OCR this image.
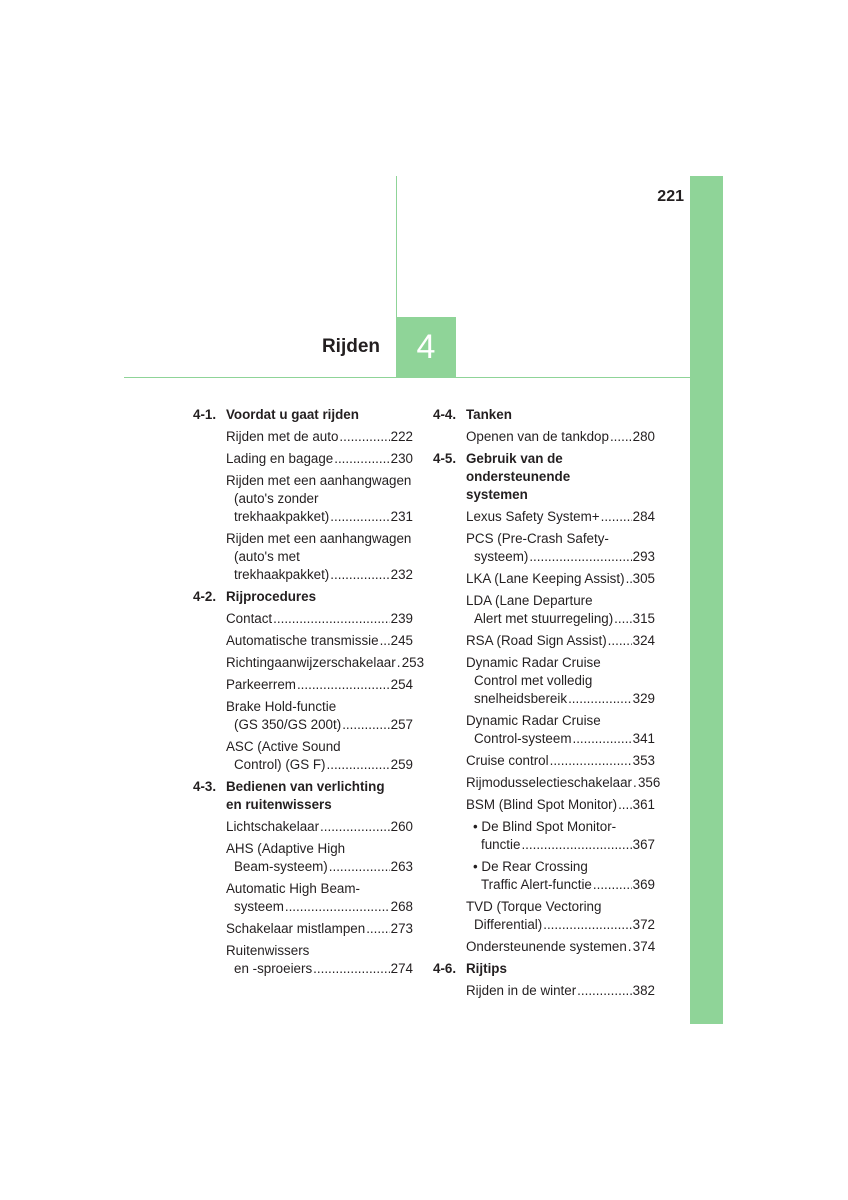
221
Rijden 4
4-1. Voordat u gaat rijden
Rijden met de auto .....	222
Lading en bagage .....	230
Rijden met een aanhangwagen
(auto's zonder
trekhaakpakket) .....	231
Rijden met een aanhangwagen
(auto's met
trekhaakpakket) .....	232
4-2. Rijprocedures
Contact .....	239
Automatische transmissie ..... 245
Richtingaanwijzerschakelaar ..... 253
Parkeerrem .....	254
Brake Hold-functie
(GS 350/GS 200t) .....	257
ASC (Active Sound
Control) (GS F) .....	259
4-3. Bedienen van verlichting
en ruitenwissers
Lichtschakelaar .....	260
AHS (Adaptive High
Beam-systeem) .....	263
Automatic High Beam-
systeem .....	268
Schakelaar mistlampen ..... 273
Ruitenwissers
en -sproeiers .....	274
4-4. Tanken
Openen van de tankdop ..... 280
4-5. Gebruik van de ondersteunende
systemen
Lexus Safety System+ ..... 284
PCS (Pre-Crash Safety-
systeem) .....	293
LKA (Lane Keeping Assist) ..... 305
LDA (Lane Departure
Alert met stuurregeling) ..... 315
RSA (Road Sign Assist) ..... 324
Dynamic Radar Cruise
Control met volledig
snelheidsbereik .....	329
Dynamic Radar Cruise
Control-systeem .....	341
Cruise control .....	353
Rijmodusselectieschakelaar ..... 356
BSM (Blind Spot Monitor) ..... 361
• De Blind Spot Monitor-
functie .....	367
• De Rear Crossing
Traffic Alert-functie .....	369
TVD (Torque Vectoring
Differential) .....	372
Ondersteunende systemen ..... 374
4-6. Rijtips
Rijden in de winter .....	382
